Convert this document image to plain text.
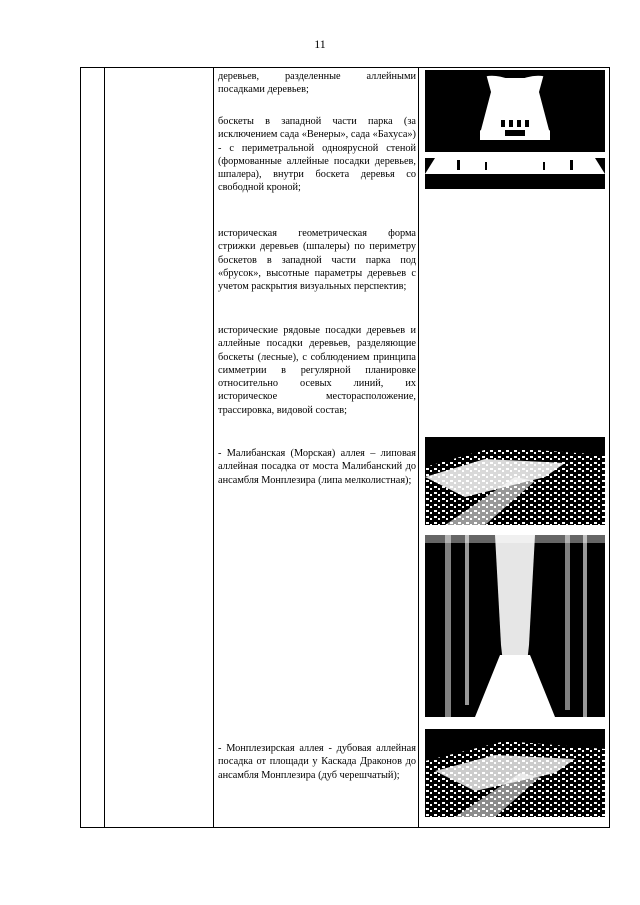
11

деревьев, разделенные аллейными посадками деревьев;
боскеты в западной части парка (за исключением сада «Венеры», сада «Бахуса») - с периметральной одноярусной стеной (формованные аллейные посадки деревьев, шпалера), внутри боскета деревья со свободной кроной;
историческая геометрическая форма стрижки деревьев (шпалеры) по периметру боскетов в западной части парка под «брусок», высотные параметры деревьев с учетом раскрытия визуальных перспектив;
исторические рядовые посадки деревьев и аллейные посадки деревьев, разделяющие боскеты (лесные), с соблюдением принципа симметрии в регулярной планировке относительно осевых линий, их историческое месторасположение, трассировка, видовой состав;
- Малибанская (Морская) аллея – липовая аллейная посадка от моста Малибанский до ансамбля Монплезира (липа мелколистная);
- Монплезирская аллея - дубовая аллейная посадка от площади у Каскада Драконов до ансамбля Монплезира (дуб черешчатый);
